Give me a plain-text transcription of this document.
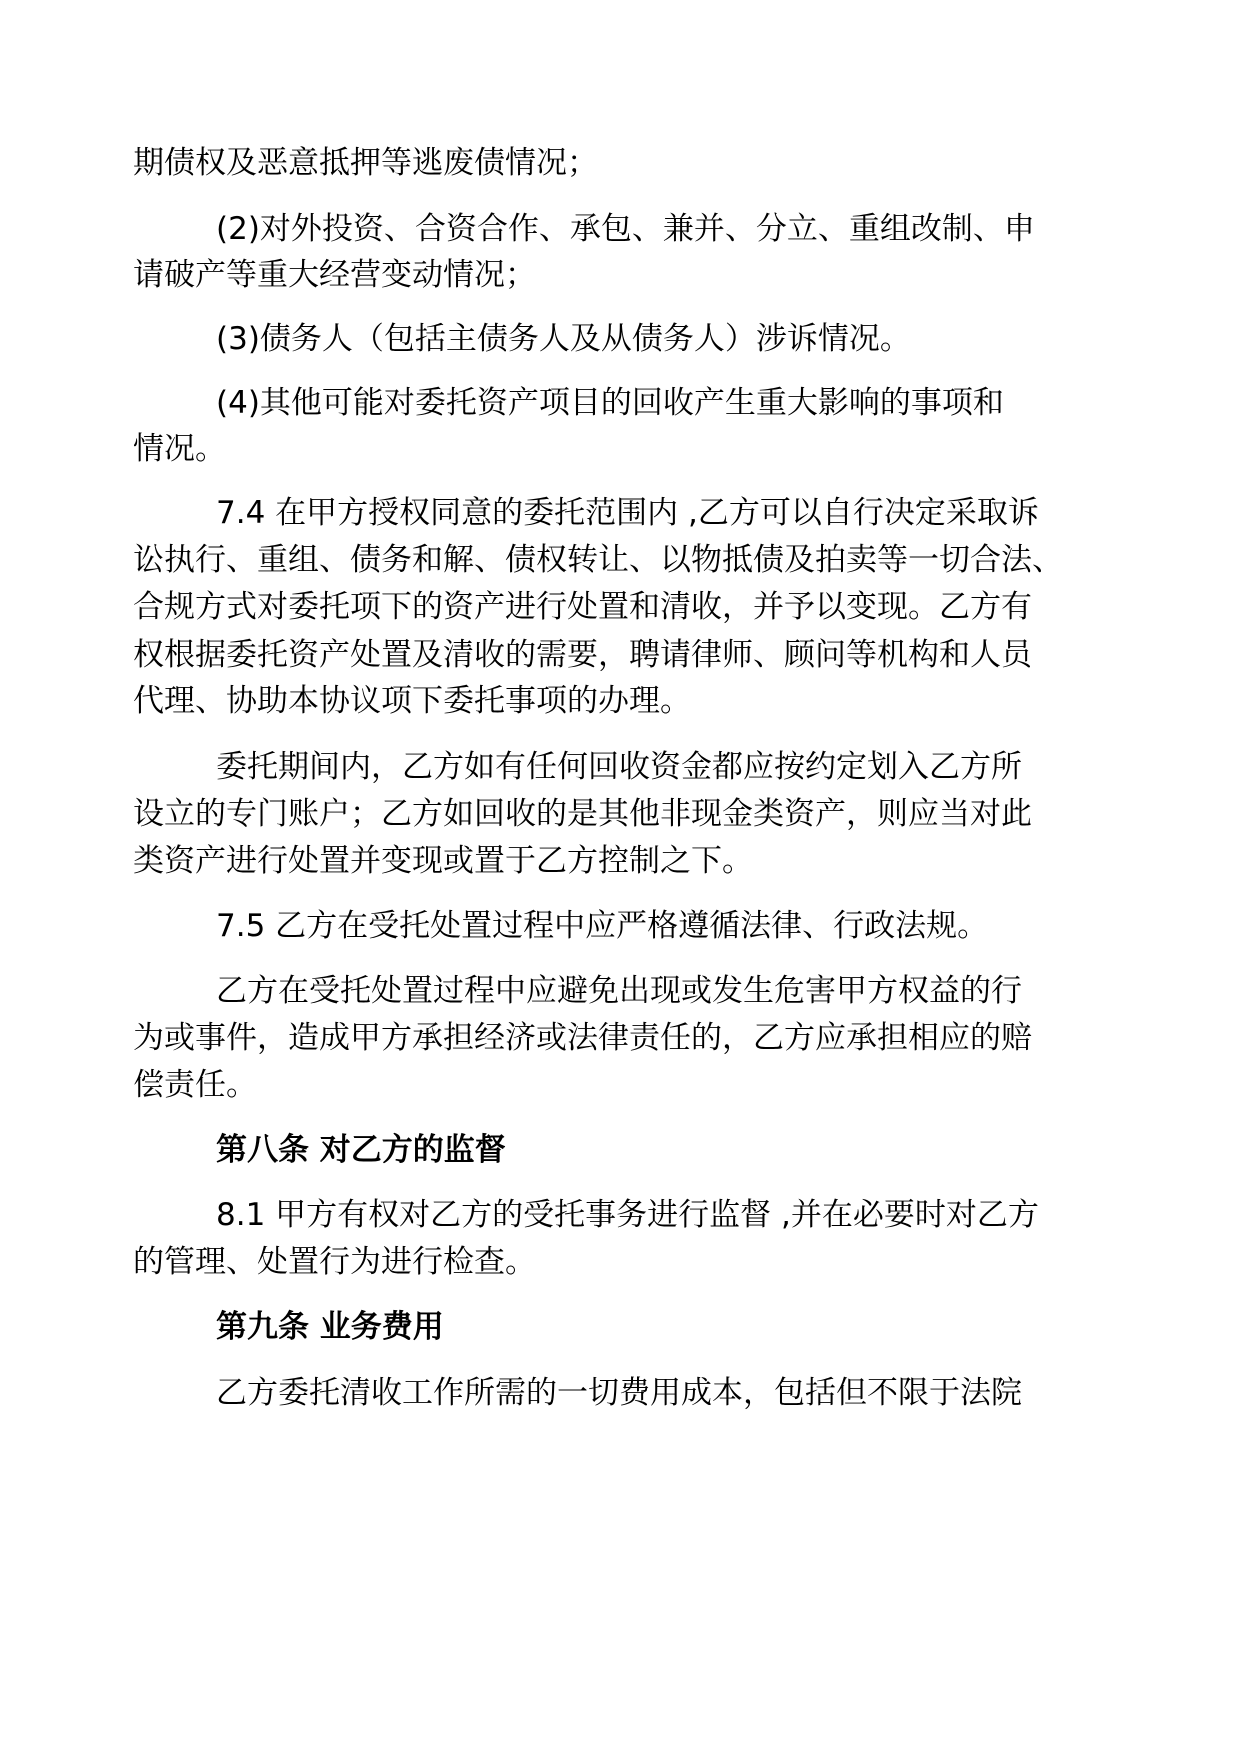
期债权及恶意抵押等逃废债情况；
(2)对外投资、合资合作、承包、兼并、分立、重组改制、申
请破产等重大经营变动情况；
(3)债务人（包括主债务人及从债务人）涉诉情况。
(4)其他可能对委托资产项目的回收产生重大影响的事项和
情况。
7.4 在甲方授权同意的委托范围内 ,乙方可以自行决定采取诉
讼执行、重组、债务和解、债权转让、以物抵债及拍卖等一切合法、
合规方式对委托项下的资产进行处置和清收，并予以变现。乙方有
权根据委托资产处置及清收的需要，聘请律师、顾问等机构和人员
代理、协助本协议项下委托事项的办理。
委托期间内，乙方如有任何回收资金都应按约定划入乙方所
设立的专门账户；乙方如回收的是其他非现金类资产，则应当对此
类资产进行处置并变现或置于乙方控制之下。
7.5 乙方在受托处置过程中应严格遵循法律、行政法规。
乙方在受托处置过程中应避免出现或发生危害甲方权益的行
为或事件，造成甲方承担经济或法律责任的，乙方应承担相应的赔
偿责任。
第八条 对乙方的监督
8.1 甲方有权对乙方的受托事务进行监督 ,并在必要时对乙方
的管理、处置行为进行检查。
第九条 业务费用
乙方委托清收工作所需的一切费用成本，包括但不限于法院
